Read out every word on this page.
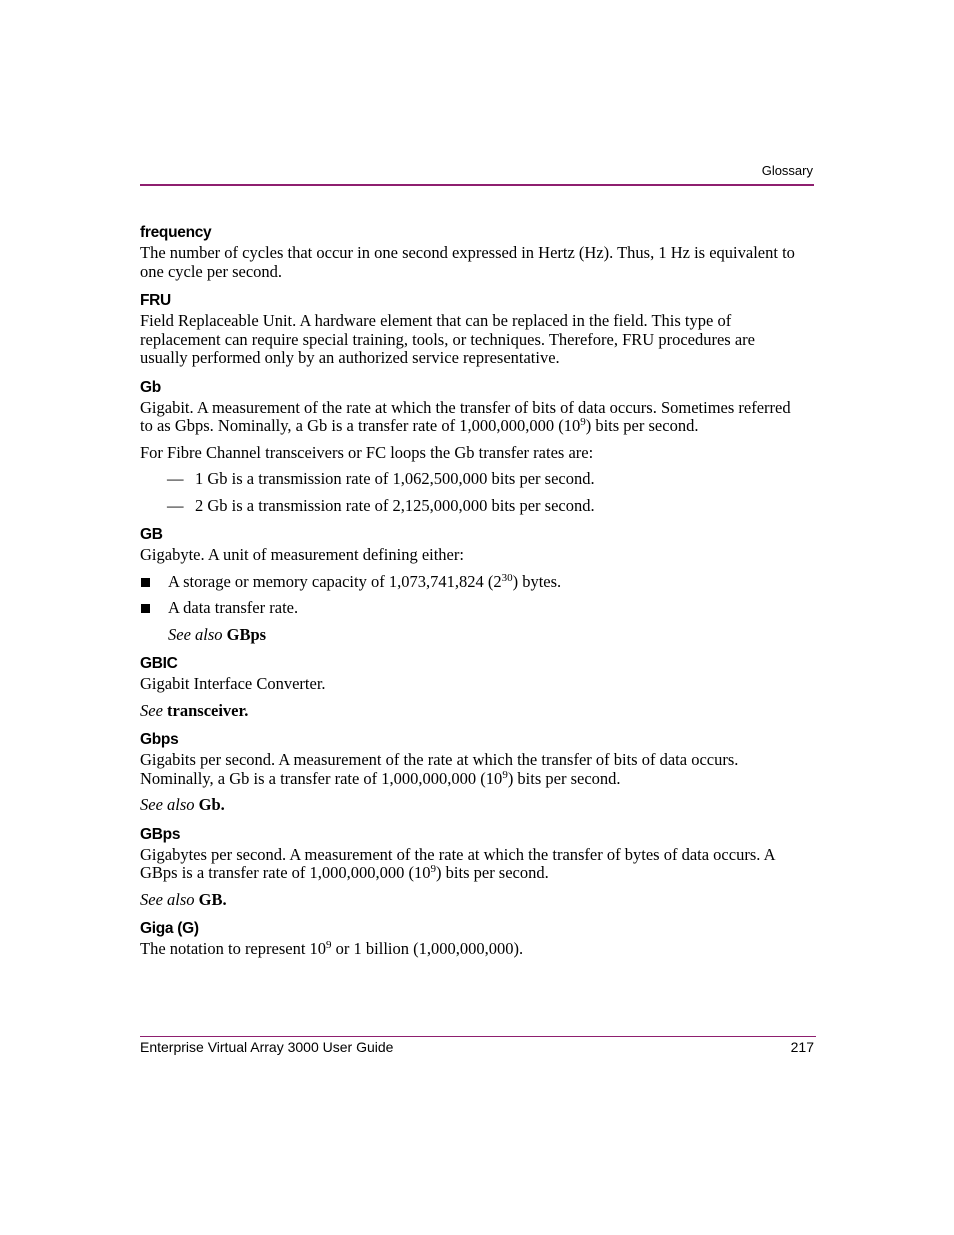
Glossary

frequency

The number of cycles that occur in one second expressed in Hertz (Hz). Thus, 1 Hz is equivalent to one cycle per second.

FRU

Field Replaceable Unit. A hardware element that can be replaced in the field. This type of replacement can require special training, tools, or techniques. Therefore, FRU procedures are usually performed only by an authorized service representative.

Gb

Gigabit. A measurement of the rate at which the transfer of bits of data occurs. Sometimes referred to as Gbps. Nominally, a Gb is a transfer rate of 1,000,000,000 $(10^9)$ bits per second.

For Fibre Channel transceivers or FC loops the Gb transfer rates are:

— 1 Gb is a transmission rate of 1,062,500,000 bits per second.

— 2 Gb is a transmission rate of 2,125,000,000 bits per second.

GB

Gigabyte. A unit of measurement defining either:

A storage or memory capacity of 1,073,741,824 $(2^{30})$ bytes.

A data transfer rate.

See also GBps

GBIC

Gigabit Interface Converter.

See transceiver.

Gbps

Gigabits per second. A measurement of the rate at which the transfer of bits of data occurs. Nominally, a Gb is a transfer rate of 1,000,000,000 $(10^9)$ bits per second.

See also Gb.

GBps

Gigabytes per second. A measurement of the rate at which the transfer of bytes of data occurs. A GBps is a transfer rate of 1,000,000,000 $(10^9)$ bits per second.

See also GB.

Giga (G)

The notation to represent $10^9$ or 1 billion (1,000,000,000).

Enterprise Virtual Array 3000 User Guide	217
